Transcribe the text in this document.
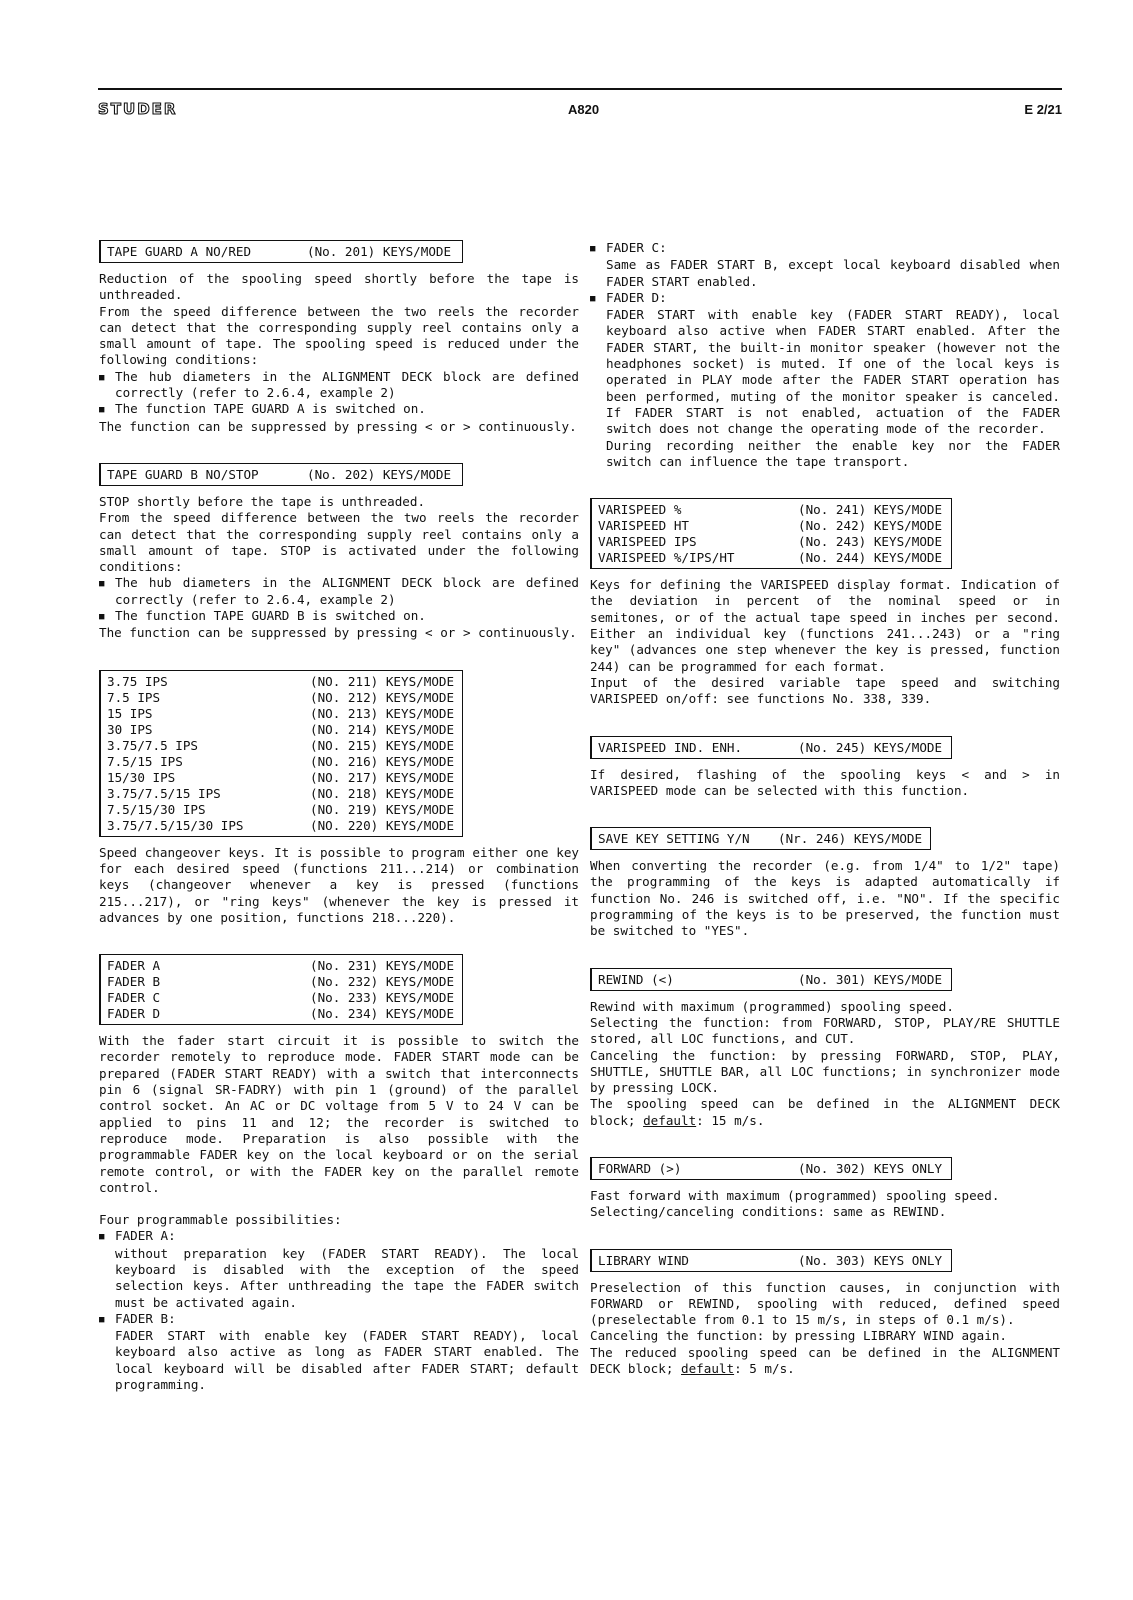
STUDER	A820	E 2/21
TAPE GUARD A NO/RED	(No. 201) KEYS/MODE

Reduction of the spooling speed shortly before the tape is unthreaded.

From the speed difference between the two reels the recorder can detect that the corresponding supply reel contains only a small amount of tape. The spooling speed is reduced under the following conditions:

■ The hub diameters in the ALIGNMENT DECK block are defined correctly (refer to 2.6.4, example 2)
■ The function TAPE GUARD A is switched on.

The function can be suppressed by pressing < or > continuously.

TAPE GUARD B NO/STOP	(No. 202) KEYS/MODE

STOP shortly before the tape is unthreaded.

From the speed difference between the two reels the recorder can detect that the corresponding supply reel contains only a small amount of tape. STOP is activated under the following conditions:

■ The hub diameters in the ALIGNMENT DECK block are defined correctly (refer to 2.6.4, example 2)
■ The function TAPE GUARD B is switched on.

The function can be suppressed by pressing < or > continuously.

3.75 IPS	(NO. 211) KEYS/MODE
7.5 IPS	(NO. 212) KEYS/MODE
15 IPS	(NO. 213) KEYS/MODE
30 IPS	(NO. 214) KEYS/MODE
3.75/7.5 IPS	(NO. 215) KEYS/MODE
7.5/15 IPS	(NO. 216) KEYS/MODE
15/30 IPS	(NO. 217) KEYS/MODE
3.75/7.5/15 IPS	(NO. 218) KEYS/MODE
7.5/15/30 IPS	(NO. 219) KEYS/MODE
3.75/7.5/15/30 IPS	(NO. 220) KEYS/MODE

Speed changeover keys. It is possible to program either one key for each desired speed (functions 211...214) or combination keys (changeover whenever a key is pressed (functions 215...217), or "ring keys" (whenever the key is pressed it advances by one position, functions 218...220).

FADER A	(No. 231) KEYS/MODE
FADER B	(No. 232) KEYS/MODE
FADER C	(No. 233) KEYS/MODE
FADER D	(No. 234) KEYS/MODE

With the fader start circuit it is possible to switch the recorder remotely to reproduce mode. FADER START mode can be prepared (FADER START READY) with a switch that interconnects pin 6 (signal SR-FADRY) with pin 1 (ground) of the parallel control socket. An AC or DC voltage from 5 V to 24 V can be applied to pins 11 and 12; the recorder is switched to reproduce mode. Preparation is also possible with the programmable FADER key on the local keyboard or on the serial remote control, or with the FADER key on the parallel remote control.

Four programmable possibilities:

■ FADER A:
without preparation key (FADER START READY). The local keyboard is disabled with the exception of the speed selection keys. After unthreading the tape the FADER switch must be activated again.
■ FADER B:
FADER START with enable key (FADER START READY), local keyboard also active as long as FADER START enabled. The local keyboard will be disabled after FADER START; default programming.
■ FADER C:
Same as FADER START B, except local keyboard disabled when FADER START enabled.
■ FADER D:
FADER START with enable key (FADER START READY), local keyboard also active when FADER START enabled. After the FADER START, the built-in monitor speaker (however not the headphones socket) is muted. If one of the local keys is operated in PLAY mode after the FADER START operation has been performed, muting of the monitor speaker is canceled. If FADER START is not enabled, actuation of the FADER switch does not change the operating mode of the recorder.
During recording neither the enable key nor the FADER switch can influence the tape transport.
VARISPEED %	(No. 241) KEYS/MODE
VARISPEED HT	(No. 242) KEYS/MODE
VARISPEED IPS	(No. 243) KEYS/MODE
VARISPEED %/IPS/HT	(No. 244) KEYS/MODE

Keys for defining the VARISPEED display format. Indication of the deviation in percent of the nominal speed or in semitones, or of the actual tape speed in inches per second. Either an individual key (functions 241...243) or a "ring key" (advances one step whenever the key is pressed, function 244) can be programmed for each format.

Input of the desired variable tape speed and switching VARISPEED on/off: see functions No. 338, 339.

VARISPEED IND. ENH.	(No. 245) KEYS/MODE

If desired, flashing of the spooling keys < and > in VARISPEED mode can be selected with this function.

SAVE KEY SETTING Y/N	(Nr. 246) KEYS/MODE

When converting the recorder (e.g. from 1/4" to 1/2" tape) the programming of the keys is adapted automatically if function No. 246 is switched off, i.e. "NO". If the specific programming of the keys is to be preserved, the function must be switched to "YES".

REWIND (<)	(No. 301) KEYS/MODE

Rewind with maximum (programmed) spooling speed.

Selecting the function: from FORWARD, STOP, PLAY/RE SHUTTLE stored, all LOC functions, and CUT.

Canceling the function: by pressing FORWARD, STOP, PLAY, SHUTTLE, SHUTTLE BAR, all LOC functions; in synchronizer mode by pressing LOCK.

The spooling speed can be defined in the ALIGNMENT DECK block; default: 15 m/s.

FORWARD (>)	(No. 302) KEYS ONLY

Fast forward with maximum (programmed) spooling speed.

Selecting/canceling conditions: same as REWIND.

LIBRARY WIND	(No. 303) KEYS ONLY

Preselection of this function causes, in conjunction with FORWARD or REWIND, spooling with reduced, defined speed (preselectable from 0.1 to 15 m/s, in steps of 0.1 m/s).

Canceling the function: by pressing LIBRARY WIND again.

The reduced spooling speed can be defined in the ALIGNMENT DECK block; default: 5 m/s.
